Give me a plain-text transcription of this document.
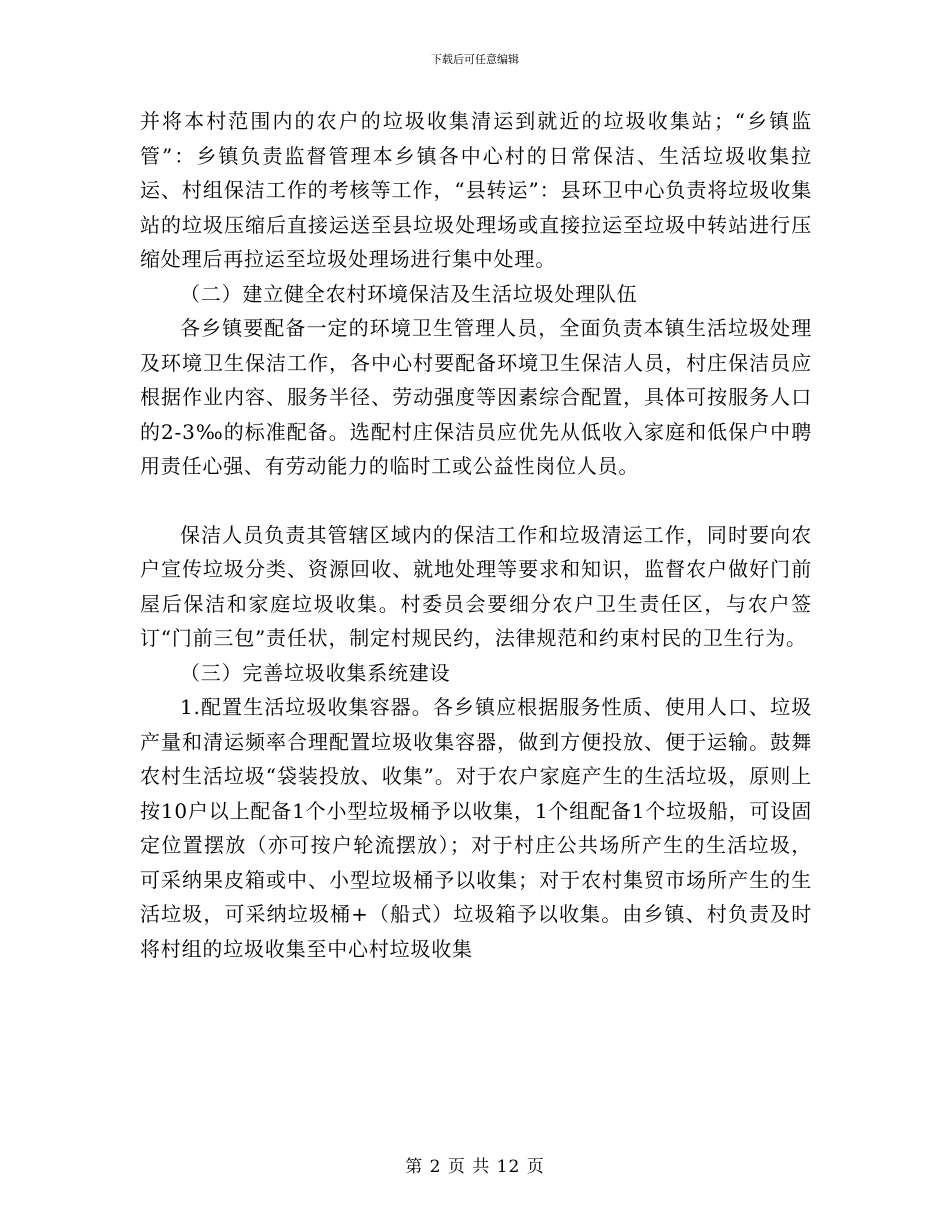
下载后可任意编辑

并将本村范围内的农户的垃圾收集清运到就近的垃圾收集站；“乡镇监管”：乡镇负责监督管理本乡镇各中心村的日常保洁、生活垃圾收集拉运、村组保洁工作的考核等工作，“县转运”：县环卫中心负责将垃圾收集站的垃圾压缩后直接运送至县垃圾处理场或直接拉运至垃圾中转站进行压缩处理后再拉运至垃圾处理场进行集中处理。

（二）建立健全农村环境保洁及生活垃圾处理队伍

各乡镇要配备一定的环境卫生管理人员，全面负责本镇生活垃圾处理及环境卫生保洁工作，各中心村要配备环境卫生保洁人员，村庄保洁员应根据作业内容、服务半径、劳动强度等因素综合配置，具体可按服务人口的2-3‰的标准配备。选配村庄保洁员应优先从低收入家庭和低保户中聘用责任心强、有劳动能力的临时工或公益性岗位人员。

保洁人员负责其管辖区域内的保洁工作和垃圾清运工作，同时要向农户宣传垃圾分类、资源回收、就地处理等要求和知识，监督农户做好门前屋后保洁和家庭垃圾收集。村委员会要细分农户卫生责任区，与农户签订“门前三包”责任状，制定村规民约，法律规范和约束村民的卫生行为。

（三）完善垃圾收集系统建设

1.配置生活垃圾收集容器。各乡镇应根据服务性质、使用人口、垃圾产量和清运频率合理配置垃圾收集容器，做到方便投放、便于运输。鼓舞农村生活垃圾“袋装投放、收集”。对于农户家庭产生的生活垃圾，原则上按10户以上配备1个小型垃圾桶予以收集，1个组配备1个垃圾船，可设固定位置摆放（亦可按户轮流摆放）；对于村庄公共场所产生的生活垃圾，可采纳果皮箱或中、小型垃圾桶予以收集；对于农村集贸市场所产生的生活垃圾，可采纳垃圾桶+（船式）垃圾箱予以收集。由乡镇、村负责及时将村组的垃圾收集至中心村垃圾收集

第 2 页 共 12 页
